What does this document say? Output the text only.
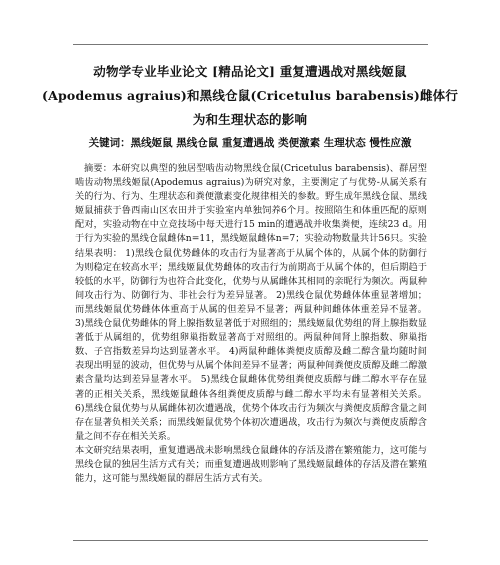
动物学专业毕业论文 [精品论文] 重复遭遇战对黑线姬鼠
(Apodemus agraius)和黑线仓鼠(Cricetulus barabensis)雌体行
为和生理状态的影响
关键词：黑线姬鼠 黑线仓鼠 重复遭遇战 类便激素 生理状态 慢性应激

摘要：本研究以典型的独居型啮齿动物黑线仓鼠(Cricetulus barabensis)、群居型啮齿动物黑线姬鼠(Apodemus agraius)为研究对象，主要测定了与优势-从属关系有关的行为、行为、生理状态和粪便激素变化规律相关的参数。野生成年黑线仓鼠、黑线姬鼠捕获于鲁西南山区农田并于实验室内单独饲养6个月。按照陪生和体重匹配的原则配对，实验动物在中立竞技场中每天进行15 min的遭遇战并收集粪便，连续23 d。用于行为实验的黑线仓鼠雌体n=11，黑线姬鼠雌体n=7；实验动物数量共计56只。实验结果表明： 1)黑线仓鼠优势雌体的攻击行为显著高于从属个体的，从属个体的防御行为则稳定在较高水平；黑线姬鼠优势雌体的攻击行为前期高于从属个体的，但后期趋于较低的水平，防御行为也符合此变化，优势与从属雌体其相同的亲昵行为频次。两鼠种间攻击行为、防御行为、非社会行为差异显著。 2)黑线仓鼠优势雌体体重显著增加；而黑线姬鼠优势雌体体重高于从属的但差异不显著；两鼠种间雌体体重差异不显著。 3)黑线仓鼠优势雌体的肾上腺指数显著低于对照组的；黑线姬鼠优势组的肾上腺指数显著低于从属组的，优势组卵巢指数显著高于对照组的。两鼠种间肾上腺指数、卵巢指数、子宫指数差异均达到显著水平。 4)两鼠种雌体粪便皮质醇及雌二醇含量均随时间表现出明显的波动，但优势与从属个体间差异不显著；两鼠种间粪便皮质醇及雌二醇激素含量均达到差异显著水平。 5)黑线仓鼠雌体优势组粪便皮质醇与雌二醇水平存在显著的正相关关系，黑线姬鼠雌体各组粪便皮质醇与雌二醇水平均未有显著相关关系。 6)黑线仓鼠优势与从属雌体初次遭遇战，优势个体攻击行为频次与粪便皮质醇含量之间存在显著负相关关系；而黑线姬鼠优势个体初次遭遇战，攻击行为频次与粪便皮质醇含量之间不存在相关关系。

本文研究结果表明，重复遭遇战未影响黑线仓鼠雌体的存活及潜在繁殖能力，这可能与黑线仓鼠的独居生活方式有关；而重复遭遇战则影响了黑线姬鼠雌体的存活及潜在繁殖能力，这可能与黑线姬鼠的群居生活方式有关。
